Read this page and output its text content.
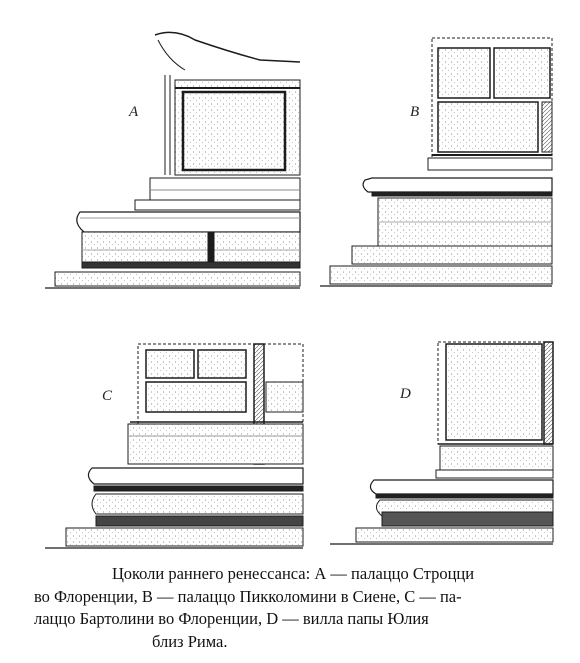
A	B
C	D
Цоколи раннего ренессанса: А — палаццо Строцци
во Флоренции, В — палаццо Пикколомини в Сиене, С — па-
лаццо Бартолини во Флоренции, D — вилла папы Юлия
близ Рима.
